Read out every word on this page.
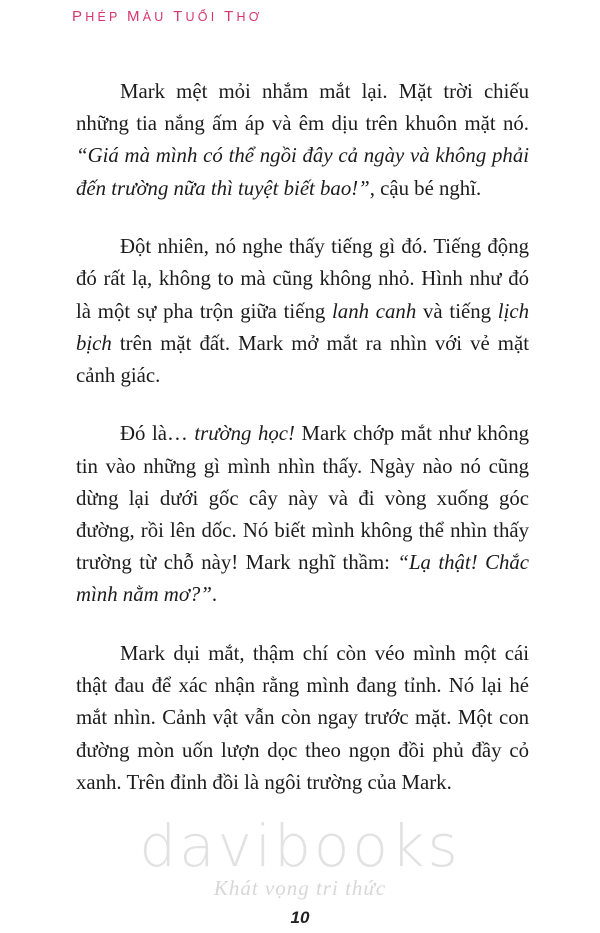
PHÉP MÀU TUỔI THƠ

Mark mệt mỏi nhắm mắt lại. Mặt trời chiếu những tia nắng ấm áp và êm dịu trên khuôn mặt nó. “Giá mà mình có thể ngồi đây cả ngày và không phải đến trường nữa thì tuyệt biết bao!”, cậu bé nghĩ.

Đột nhiên, nó nghe thấy tiếng gì đó. Tiếng động đó rất lạ, không to mà cũng không nhỏ. Hình như đó là một sự pha trộn giữa tiếng lanh canh và tiếng lịch bịch trên mặt đất. Mark mở mắt ra nhìn với vẻ mặt cảnh giác.

Đó là… trường học! Mark chớp mắt như không tin vào những gì mình nhìn thấy. Ngày nào nó cũng dừng lại dưới gốc cây này và đi vòng xuống góc đường, rồi lên dốc. Nó biết mình không thể nhìn thấy trường từ chỗ này! Mark nghĩ thầm: “Lạ thật! Chắc mình nằm mơ?”.

Mark dụi mắt, thậm chí còn véo mình một cái thật đau để xác nhận rằng mình đang tỉnh. Nó lại hé mắt nhìn. Cảnh vật vẫn còn ngay trước mặt. Một con đường mòn uốn lượn dọc theo ngọn đồi phủ đầy cỏ xanh. Trên đỉnh đồi là ngôi trường của Mark.

davibooks
Khát vọng tri thức
10
